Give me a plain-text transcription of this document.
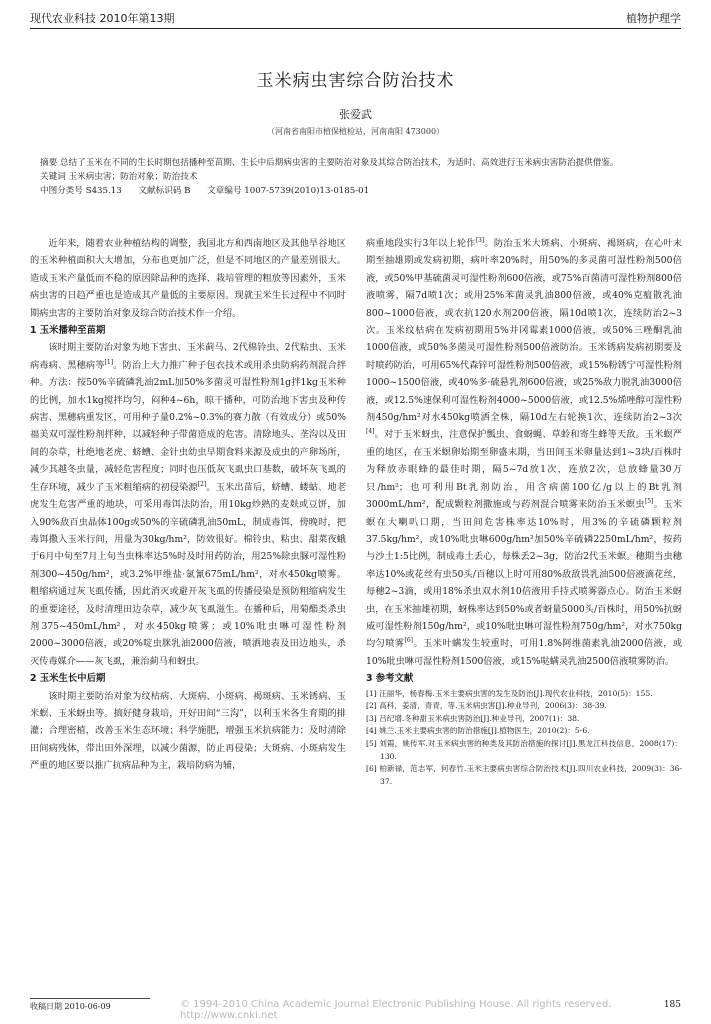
现代农业科技 2010年第13期	植物护理学
玉米病虫害综合防治技术
张爱武
（河南省南阳市植保植检站，河南南阳 473000）

摘要 总结了玉米在不同的生长时期包括播种至苗期、生长中后期病虫害的主要防治对象及其综合防治技术，为适时、高效进行玉米病虫害防治提供借鉴。

关键词 玉米病虫害；防治对象；防治技术

中图分类号 S435.13 文献标识码 B 文章编号 1007-5739(2010)13-0185-01

近年来，随着农业种植结构的调整，我国北方和西南地区及其他旱谷地区的玉米种植面积大大增加，分布也更加广泛，但是不同地区的产量差别很大。造成玉米产量低而不稳的原因除品种的选择、栽培管理的粗放等因素外，玉米病虫害的日趋严重也是造成其产量低的主要原因。现就玉米生长过程中不同时期病虫害的主要防治对象及综合防治技术作一介绍。

1 玉米播种至苗期

该时期主要防治对象为地下害虫、玉米蓟马、2代棉铃虫、2代粘虫、玉米病毒病、黑穗病等[1]。防治上大力推广种子包衣技术或用杀虫防病药剂混合拌种。方法：按50%辛硫磷乳油2mL加50%多菌灵可湿性粉剂1g拌1kg玉米种的比例，加水1kg搅拌均匀，闷种4~6h，晾干播种，可防治地下害虫及种传病害、黑穗病重发区，可用种子量0.2%~0.3%的赛力散（有效成分）或50%福美双可湿性粉剂拌种，以减轻种子带菌造成的危害。清除地头、垄沟以及田间的杂草，杜绝地老虎、蛴螬、金针虫幼虫早期食料来源及成虫的产卵场所，减少其越冬虫量，减轻危害程度；同时也压低灰飞虱虫口基数，破坏灰飞虱的生存环境，减少了玉米粗缩病的初侵染源[2]。玉米出苗后，蛴螬、蝼蛄、地老虎发生危害严重的地块，可采用毒饵法防治，用10kg炒熟的麦麸或豆饼，加入90%敌百虫晶体100g或50%的辛硫磷乳油50mL，制成毒饵，傍晚时，把毒饵撒入玉米行间，用量为30kg/hm²，防效很好。棉铃虫、粘虫、甜菜夜蛾于6月中旬至7月上旬当虫株率达5%时及时用药防治，用25%除虫脲可湿性粉剂300~450g/hm²，或3.2%甲维盐·氯氰675mL/hm²，对水450kg喷雾。粗缩病通过灰飞虱传播，因此消灭或避开灰飞虱的传播侵染是预防粗缩病发生的重要途径，及时清理田边杂草，减少灰飞虱滋生。在播种后，用菊酯类杀虫剂375~450mL/hm²，对水450kg喷雾；或10%吡虫啉可湿性粉剂2000~3000倍液，或20%啶虫脒乳油2000倍液，喷洒地表及田边地头，杀灭传毒媒介——灰飞虱，兼治蓟马和蚜虫。

2 玉米生长中后期

该时期主要防治对象为纹枯病、大斑病、小斑病、褐斑病、玉米锈病、玉米螟、玉米蚜虫等。搞好健身栽培，开好田间“三沟”，以利玉米各生育期的排灌；合理密植，改善玉米生态环境；科学施肥，增强玉米抗病能力；及时清除田间病残体，带出田外深埋，以减少菌源，防止再侵染；大斑病、小斑病发生严重的地区要以推广抗病品种为主，栽培防病为辅，

病重地段实行3年以上轮作[3]。防治玉米大斑病、小斑病、褐斑病，在心叶末期至抽雄期或发病初期，病叶率20%时，用50%的多灵菌可湿性粉剂500倍液，或50%甲基硫菌灵可湿性粉剂600倍液，或75%百菌清可湿性粉剂800倍液喷雾，隔7d喷1次；或用25%苯菌灵乳油800倍液，或40%克瘟散乳油800~1000倍液，或农抗120水剂200倍液，隔10d喷1次，连续防治2~3次。玉米纹枯病在发病初期用5%井冈霉素1000倍液，或50%三唑酮乳油1000倍液，或50%多菌灵可湿性粉剂500倍液防治。玉米锈病发病初期要及时喷药防治，可用65%代森锌可湿性粉剂500倍液，或15%粉锈宁可湿性粉剂1000~1500倍液，或40%多·硫悬乳剂600倍液，或25%敌力脱乳油3000倍液，或12.5%速保利可湿性粉剂4000~5000倍液，或12.5%烯唑醇可湿性粉剂450g/hm²对水450kg喷洒全株，隔10d左右轮换1次，连续防治2~3次[4]。对于玉米蚜虫，注意保护瓢虫、食蚜蝇、草蛉和寄生蜂等天敌。玉米螟严重的地区，在玉米螟卵始期至卵盛末期，当田间玉米卵量达到1~3块/百株时为释放赤眼蜂的最佳时期，隔5~7d放1次，连放2次，总放蜂量30万只/hm²；也可利用Bt乳剂防治，用含病菌100亿/g以上的Bt乳剂3000mL/hm²，配成颗粒剂撒施或与药剂混合喷雾来防治玉米螟虫[5]。玉米螟在大喇叭口期，当田间危害株率达10%时，用3%的辛硫磷颗粒剂37.5kg/hm²，或10%吡虫啉600g/hm²加50%辛硫磷2250mL/hm²，按药与沙土1:5比例，制成毒土丢心，每株丢2~3g，防治2代玉米螟。穗期当虫穗率达10%或花丝有虫50头/百穗以上时可用80%敌敌畏乳油500倍液滴花丝，每穗2~3滴，或用18%杀虫双水剂10倍液用手持式喷雾器点心。防治玉米蚜虫，在玉米抽雄初期，蚜株率达到50%或者蚜量5000头/百株时，用50%抗蚜威可湿性粉剂150g/hm²，或10%吡虫啉可湿性粉剂750g/hm²，对水750kg均匀喷雾[6]。玉米叶螨发生较重时，可用1.8%阿维菌素乳油2000倍液，或10%吡虫啉可湿性粉剂1500倍液，或15%哒螨灵乳油2500倍液喷雾防治。

3 参考文献
[1] 汪丽华，杨春梅.玉米主要病虫害的发生及防治[J].现代农业科技，2010(5)：155.
[2] 高科，姜清，青青，等.玉米病虫害[J].种业导刊，2006(3)：38-39.
[3] 吕纪增.冬种甜玉米病虫害防治[J].种业导刊，2007(1)：38.
[4] 姚兰.玉米主要病虫害的防治措施[J].植物医生，2010(2)：5-6.
[5] 刘霞，姚传军.对玉米病虫害的种类及其防治措施的探讨[J].黑龙江科技信息，2008(17)：130.
[6] 柏新禄，范志军，何春竹.玉米主要病虫害综合防治技术[J].四川农业科技，2009(3)：36-37.
收稿日期 2010-06-09	© 1994-2010 China Academic Journal Electronic Publishing House. All rights reserved. http://www.cnki.net
185
